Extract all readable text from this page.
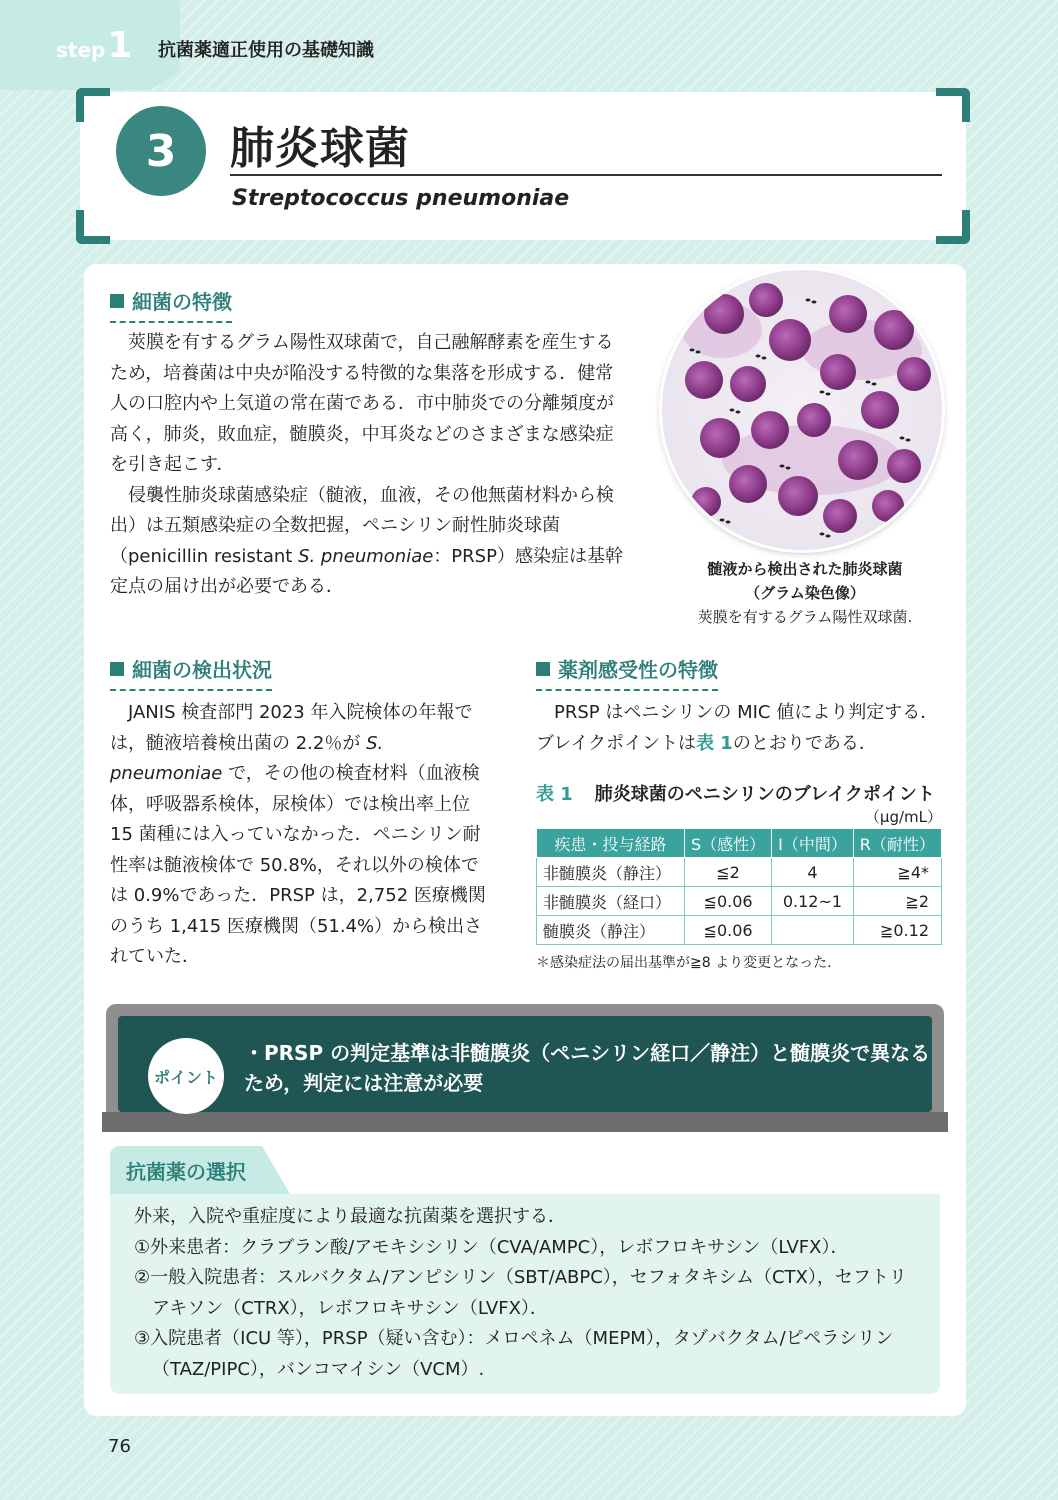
step 1 抗菌薬適正使用の基礎知識
3	肺炎球菌
Streptococcus pneumoniae
細菌の特徴

莢膜を有するグラム陽性双球菌で，自己融解酵素を産生するため，培養菌は中央が陥没する特徴的な集落を形成する．健常人の口腔内や上気道の常在菌である．市中肺炎での分離頻度が高く，肺炎，敗血症，髄膜炎，中耳炎などのさまざまな感染症を引き起こす．

侵襲性肺炎球菌感染症（髄液，血液，その他無菌材料から検出）は五類感染症の全数把握，ペニシリン耐性肺炎球菌（penicillin resistant S. pneumoniae：PRSP）感染症は基幹定点の届け出が必要である．

髄液から検出された肺炎球菌
（グラム染色像）
莢膜を有するグラム陽性双球菌.
細菌の検出状況

JANIS 検査部門 2023 年入院検体の年報では，髄液培養検出菌の 2.2％が S. pneumoniae で，その他の検査材料（血液検体，呼吸器系検体，尿検体）では検出率上位 15 菌種には入っていなかった．ペニシリン耐性率は髄液検体で 50.8%，それ以外の検体では 0.9%であった．PRSP は，2,752 医療機関のうち 1,415 医療機関（51.4%）から検出されていた．

薬剤感受性の特徴

PRSP はペニシリンの MIC 値により判定する．ブレイクポイントは表 1のとおりである．

表 1 肺炎球菌のペニシリンのブレイクポイント
（μg/mL）
疾患・投与経路	S（感性）	I（中間）	R（耐性）
非髄膜炎（静注）	≦2	4	≧4*
非髄膜炎（経口）	≦0.06	0.12~1	≧2
髄膜炎（静注）	≦0.06		≧0.12
＊感染症法の届出基準が≧8 より変更となった.
ポイント
・PRSP の判定基準は非髄膜炎（ペニシリン経口／静注）と髄膜炎で異なるため，判定には注意が必要
抗菌薬の選択
外来，入院や重症度により最適な抗菌薬を選択する．
①外来患者：クラブラン酸/アモキシシリン（CVA/AMPC），レボフロキサシン（LVFX）．
②一般入院患者：スルバクタム/アンピシリン（SBT/ABPC），セフォタキシム（CTX），セフトリアキソン（CTRX），レボフロキサシン（LVFX）．
③入院患者（ICU 等），PRSP（疑い含む）：メロペネム（MEPM），タゾバクタム/ピペラシリン（TAZ/PIPC），バンコマイシン（VCM）.
76
